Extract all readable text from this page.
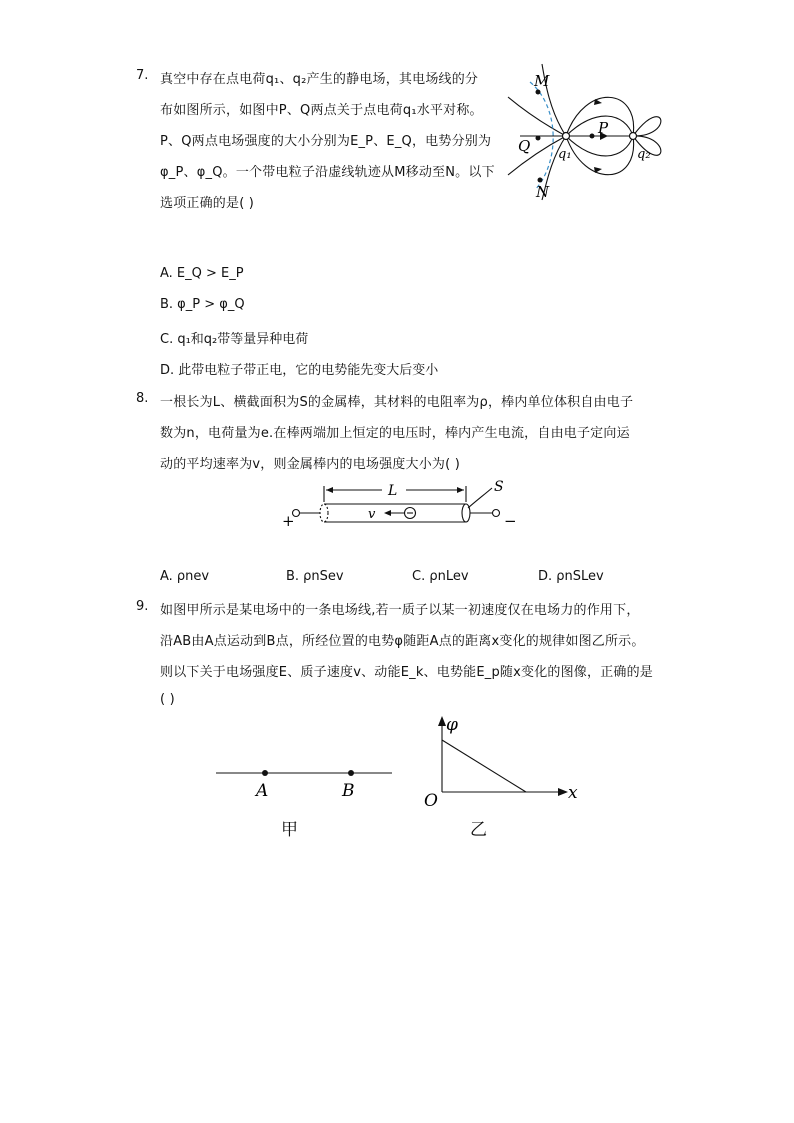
7. 真空中存在点电荷q₁、q₂产生的静电场，其电场线的分
布如图所示，如图中P、Q两点关于点电荷q₁水平对称。
P、Q两点电场强度的大小分别为E_P、E_Q，电势分别为
φ_P、φ_Q。一个带电粒子沿虚线轨迹从M移动至N。以下
选项正确的是( )
M
Q
P
N
q₁	q₂
A. E_Q > E_P
B. φ_P > φ_Q
C. q₁和q₂带等量异种电荷
D. 此带电粒子带正电，它的电势能先变大后变小
8. 一根长为L、横截面积为S的金属棒，其材料的电阻率为ρ，棒内单位体积自由电子
数为n，电荷量为e.在棒两端加上恒定的电压时，棒内产生电流，自由电子定向运
动的平均速率为v，则金属棒内的电场强度大小为( )
L	S
v
+	−
A. ρnev	B. ρnSev	C. ρnLev	D. ρnSLev
9. 如图甲所示是某电场中的一条电场线,若一质子以某一初速度仅在电场力的作用下，
沿AB由A点运动到B点，所经位置的电势φ随距A点的距离x变化的规律如图乙所示。
则以下关于电场强度E、质子速度v、动能E_k、电势能E_p随x变化的图像，正确的是
( )
A	B
甲
φ
O	x
乙
